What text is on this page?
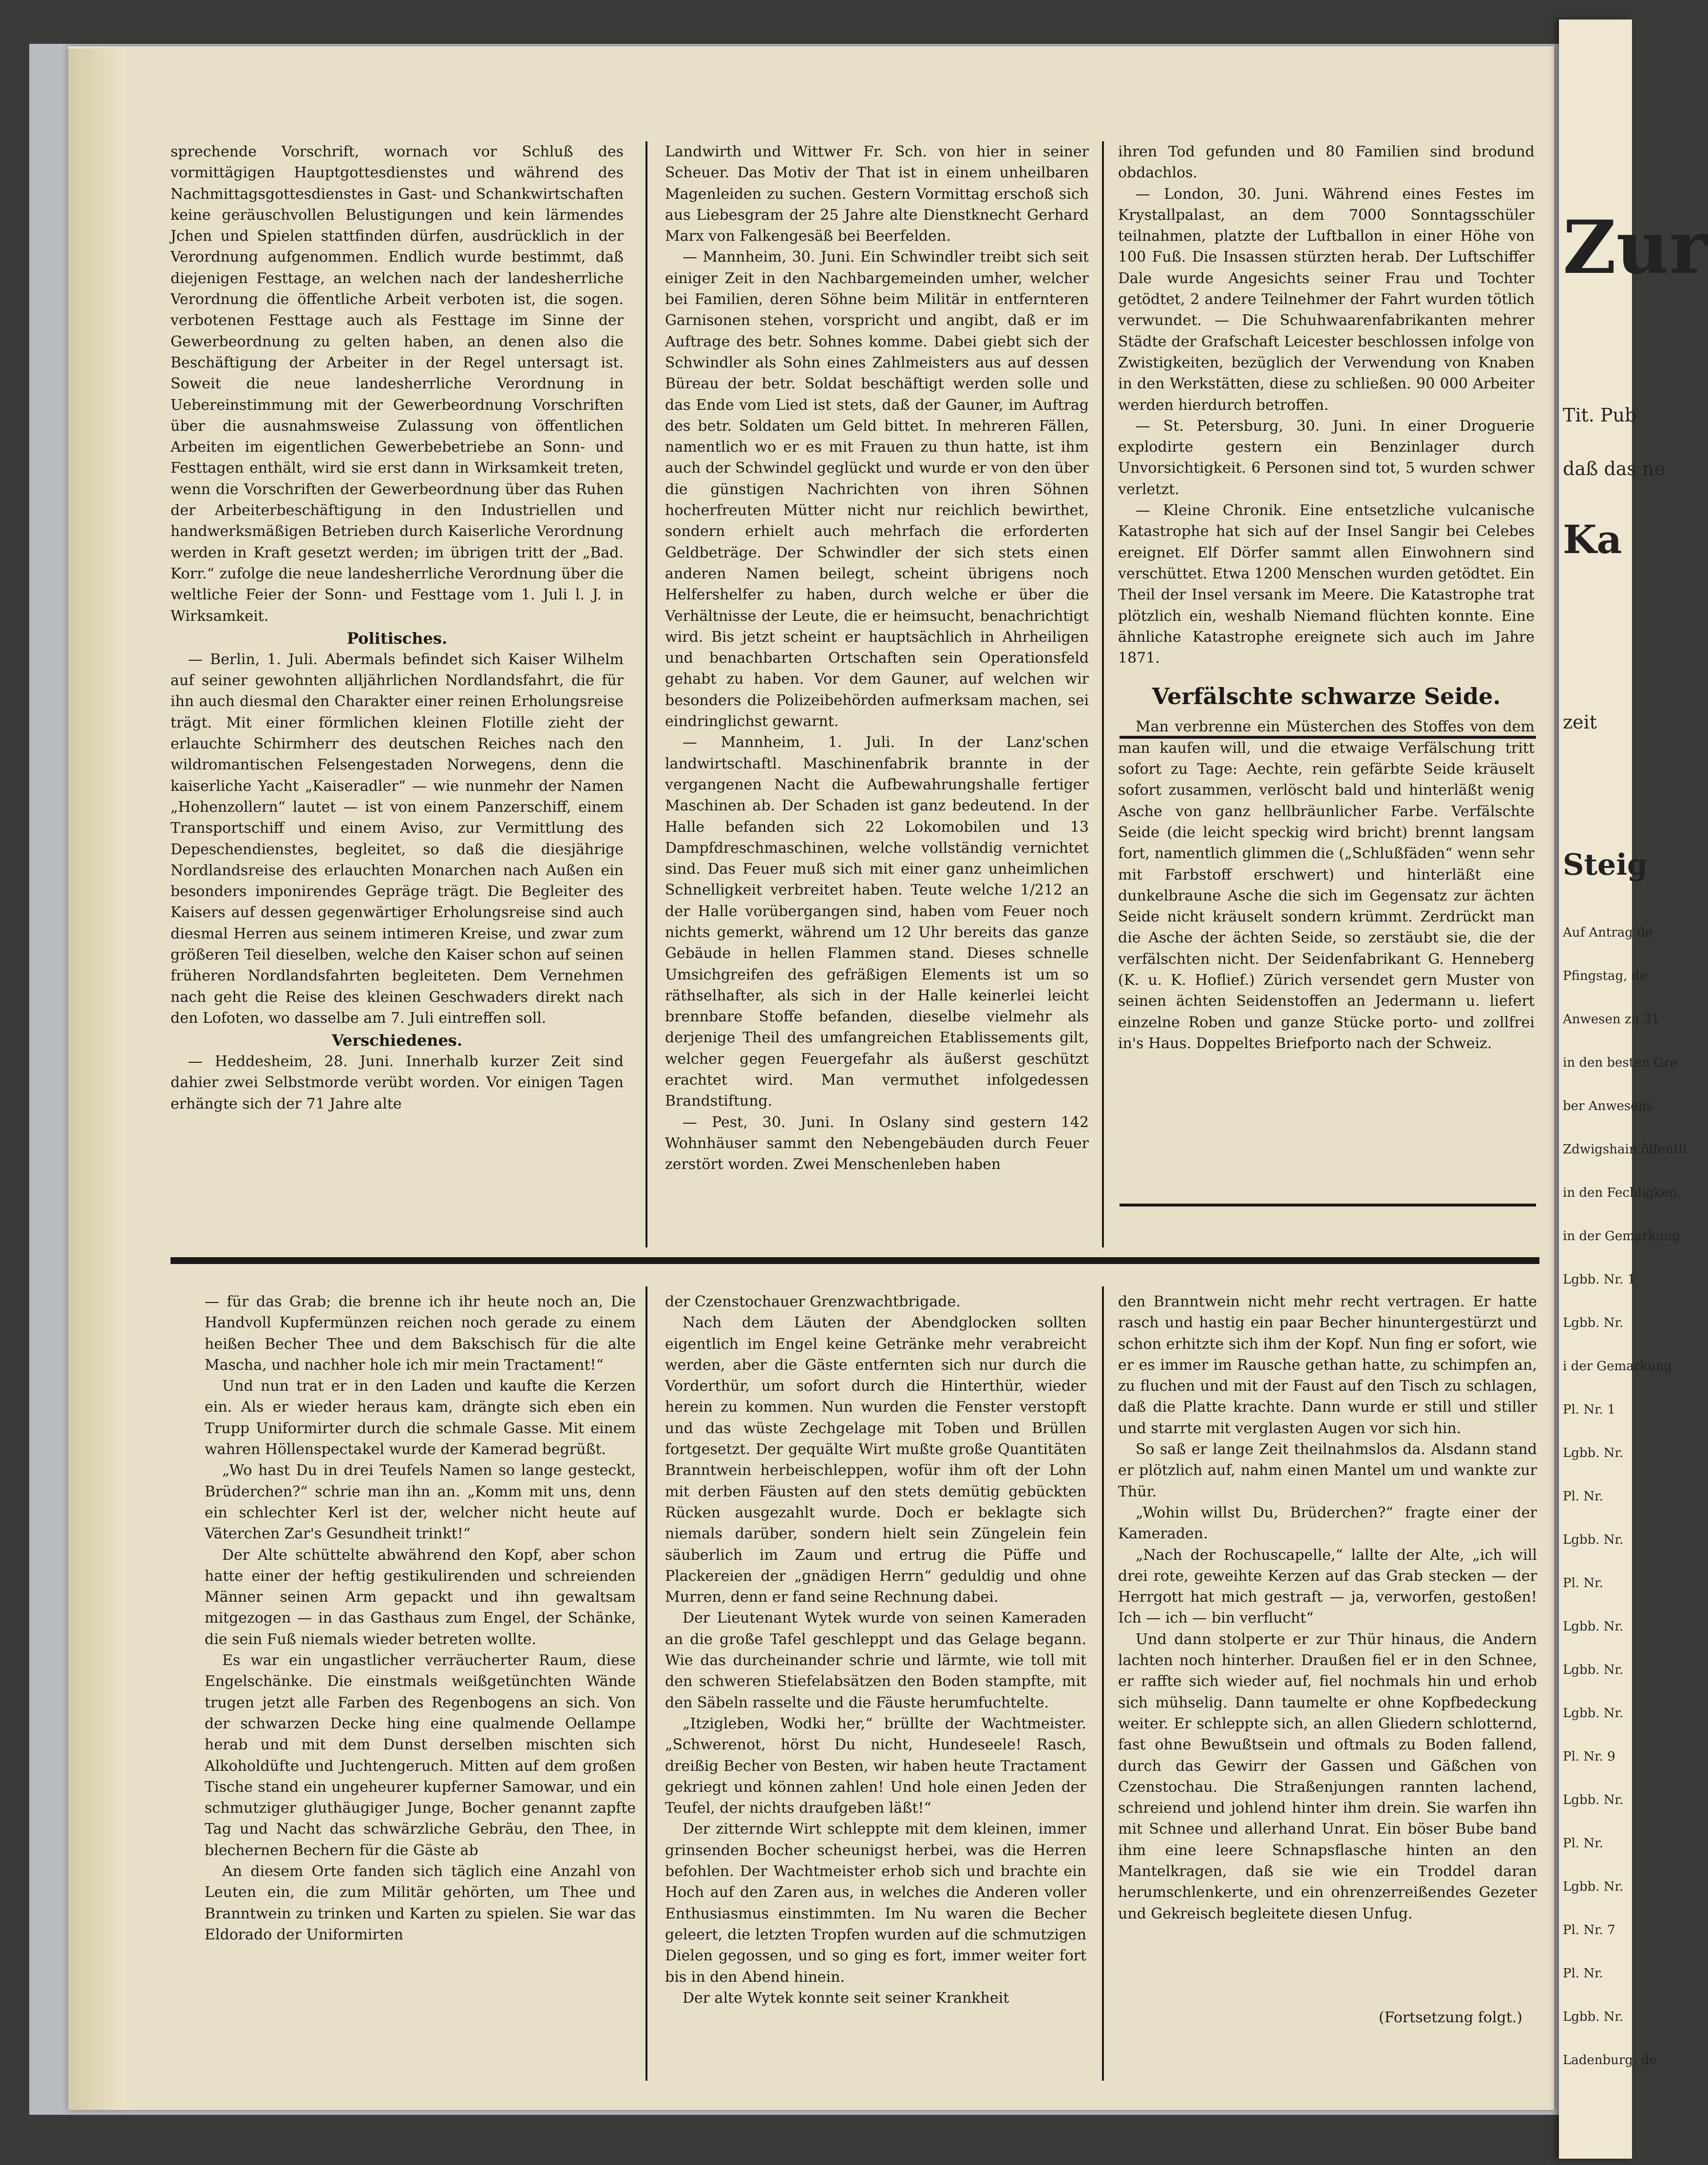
sprechende Vorschrift, wornach vor Schluß des vormittägigen Hauptgottesdienstes und während des Nachmittagsgottesdienstes in Gast- und Schankwirtschaften keine geräuschvollen Belustigungen und kein lärmendes Jchen und Spielen stattfinden dürfen, ausdrücklich in der Verordnung aufgenommen. Endlich wurde bestimmt, daß diejenigen Festtage, an welchen nach der landesherrliche Verordnung die öffentliche Arbeit verboten ist, die sogen. verbotenen Festtage auch als Festtage im Sinne der Gewerbeordnung zu gelten haben, an denen also die Beschäftigung der Arbeiter in der Regel untersagt ist. Soweit die neue landesherrliche Verordnung in Uebereinstimmung mit der Gewerbeordnung Vorschriften über die ausnahmsweise Zulassung von öffentlichen Arbeiten im eigentlichen Gewerbebetriebe an Sonn- und Festtagen enthält, wird sie erst dann in Wirksamkeit treten, wenn die Vorschriften der Gewerbeordnung über das Ruhen der Arbeiterbeschäftigung in den Industriellen und handwerksmäßigen Betrieben durch Kaiserliche Verordnung werden in Kraft gesetzt werden; im übrigen tritt der „Bad. Korr.“ zufolge die neue landesherrliche Verordnung über die weltliche Feier der Sonn- und Festtage vom 1. Juli l. J. in Wirksamkeit.

Politisches.

— Berlin, 1. Juli. Abermals befindet sich Kaiser Wilhelm auf seiner gewohnten alljährlichen Nordlandsfahrt, die für ihn auch diesmal den Charakter einer reinen Erholungsreise trägt. Mit einer förmlichen kleinen Flotille zieht der erlauchte Schirmherr des deutschen Reiches nach den wildromantischen Felsengestaden Norwegens, denn die kaiserliche Yacht „Kaiseradler“ — wie nunmehr der Namen „Hohenzollern“ lautet — ist von einem Panzerschiff, einem Transportschiff und einem Aviso, zur Vermittlung des Depeschendienstes, begleitet, so daß die diesjährige Nordlandsreise des erlauchten Monarchen nach Außen ein besonders imponirendes Gepräge trägt. Die Begleiter des Kaisers auf dessen gegenwärtiger Erholungsreise sind auch diesmal Herren aus seinem intimeren Kreise, und zwar zum größeren Teil dieselben, welche den Kaiser schon auf seinen früheren Nordlandsfahrten begleiteten. Dem Vernehmen nach geht die Reise des kleinen Geschwaders direkt nach den Lofoten, wo dasselbe am 7. Juli eintreffen soll.

Verschiedenes.

— Heddesheim, 28. Juni. Innerhalb kurzer Zeit sind dahier zwei Selbstmorde verübt worden. Vor einigen Tagen erhängte sich der 71 Jahre alte

Landwirth und Wittwer Fr. Sch. von hier in seiner Scheuer. Das Motiv der That ist in einem unheilbaren Magenleiden zu suchen. Gestern Vormittag erschoß sich aus Liebesgram der 25 Jahre alte Dienstknecht Gerhard Marx von Falkengesäß bei Beerfelden.

— Mannheim, 30. Juni. Ein Schwindler treibt sich seit einiger Zeit in den Nachbargemeinden umher, welcher bei Familien, deren Söhne beim Militär in entfernteren Garnisonen stehen, vorspricht und angibt, daß er im Auftrage des betr. Sohnes komme. Dabei giebt sich der Schwindler als Sohn eines Zahlmeisters aus auf dessen Büreau der betr. Soldat beschäftigt werden solle und das Ende vom Lied ist stets, daß der Gauner, im Auftrag des betr. Soldaten um Geld bittet. In mehreren Fällen, namentlich wo er es mit Frauen zu thun hatte, ist ihm auch der Schwindel geglückt und wurde er von den über die günstigen Nachrichten von ihren Söhnen hocherfreuten Mütter nicht nur reichlich bewirthet, sondern erhielt auch mehrfach die erforderten Geldbeträge. Der Schwindler der sich stets einen anderen Namen beilegt, scheint übrigens noch Helfershelfer zu haben, durch welche er über die Verhältnisse der Leute, die er heimsucht, benachrichtigt wird. Bis jetzt scheint er hauptsächlich in Ahrheiligen und benachbarten Ortschaften sein Operationsfeld gehabt zu haben. Vor dem Gauner, auf welchen wir besonders die Polizeibehörden aufmerksam machen, sei eindringlichst gewarnt.

— Mannheim, 1. Juli. In der Lanz'schen landwirtschaftl. Maschinenfabrik brannte in der vergangenen Nacht die Aufbewahrungshalle fertiger Maschinen ab. Der Schaden ist ganz bedeutend. In der Halle befanden sich 22 Lokomobilen und 13 Dampfdreschmaschinen, welche vollständig vernichtet sind. Das Feuer muß sich mit einer ganz unheimlichen Schnelligkeit verbreitet haben. Teute welche 1/212 an der Halle vorübergangen sind, haben vom Feuer noch nichts gemerkt, während um 12 Uhr bereits das ganze Gebäude in hellen Flammen stand. Dieses schnelle Umsichgreifen des gefräßigen Elements ist um so räthselhafter, als sich in der Halle keinerlei leicht brennbare Stoffe befanden, dieselbe vielmehr als derjenige Theil des umfangreichen Etablissements gilt, welcher gegen Feuergefahr als äußerst geschützt erachtet wird. Man vermuthet infolgedessen Brandstiftung.

— Pest, 30. Juni. In Oslany sind gestern 142 Wohnhäuser sammt den Nebengebäuden durch Feuer zerstört worden. Zwei Menschenleben haben

ihren Tod gefunden und 80 Familien sind brodund obdachlos.

— London, 30. Juni. Während eines Festes im Krystallpalast, an dem 7000 Sonntagsschüler teilnahmen, platzte der Luftballon in einer Höhe von 100 Fuß. Die Insassen stürzten herab. Der Luftschiffer Dale wurde Angesichts seiner Frau und Tochter getödtet, 2 andere Teilnehmer der Fahrt wurden tötlich verwundet. — Die Schuhwaarenfabrikanten mehrer Städte der Grafschaft Leicester beschlossen infolge von Zwistigkeiten, bezüglich der Verwendung von Knaben in den Werkstätten, diese zu schließen. 90 000 Arbeiter werden hierdurch betroffen.

— St. Petersburg, 30. Juni. In einer Droguerie explodirte gestern ein Benzinlager durch Unvorsichtigkeit. 6 Personen sind tot, 5 wurden schwer verletzt.

— Kleine Chronik. Eine entsetzliche vulcanische Katastrophe hat sich auf der Insel Sangir bei Celebes ereignet. Elf Dörfer sammt allen Einwohnern sind verschüttet. Etwa 1200 Menschen wurden getödtet. Ein Theil der Insel versank im Meere. Die Katastrophe trat plötzlich ein, weshalb Niemand flüchten konnte. Eine ähnliche Katastrophe ereignete sich auch im Jahre 1871.

Verfälschte schwarze Seide.

Man verbrenne ein Müsterchen des Stoffes von dem man kaufen will, und die etwaige Verfälschung tritt sofort zu Tage: Aechte, rein gefärbte Seide kräuselt sofort zusammen, verlöscht bald und hinterläßt wenig Asche von ganz hellbräunlicher Farbe. Verfälschte Seide (die leicht speckig wird bricht) brennt langsam fort, namentlich glimmen die („Schlußfäden“ wenn sehr mit Farbstoff erschwert) und hinterläßt eine dunkelbraune Asche die sich im Gegensatz zur ächten Seide nicht kräuselt sondern krümmt. Zerdrückt man die Asche der ächten Seide, so zerstäubt sie, die der verfälschten nicht. Der Seidenfabrikant G. Henneberg (K. u. K. Hoflief.) Zürich versendet gern Muster von seinen ächten Seidenstoffen an Jedermann u. liefert einzelne Roben und ganze Stücke porto- und zollfrei in's Haus. Doppeltes Briefporto nach der Schweiz.

— für das Grab; die brenne ich ihr heute noch an, Die Handvoll Kupfermünzen reichen noch gerade zu einem heißen Becher Thee und dem Bakschisch für die alte Mascha, und nachher hole ich mir mein Tractament!“

Und nun trat er in den Laden und kaufte die Kerzen ein. Als er wieder heraus kam, drängte sich eben ein Trupp Uniformirter durch die schmale Gasse. Mit einem wahren Höllenspectakel wurde der Kamerad begrüßt.

„Wo hast Du in drei Teufels Namen so lange gesteckt, Brüderchen?“ schrie man ihn an. „Komm mit uns, denn ein schlechter Kerl ist der, welcher nicht heute auf Väterchen Zar's Gesundheit trinkt!“

Der Alte schüttelte abwährend den Kopf, aber schon hatte einer der heftig gestikulirenden und schreienden Männer seinen Arm gepackt und ihn gewaltsam mitgezogen — in das Gasthaus zum Engel, der Schänke, die sein Fuß niemals wieder betreten wollte.

Es war ein ungastlicher verräucherter Raum, diese Engelschänke. Die einstmals weißgetünchten Wände trugen jetzt alle Farben des Regenbogens an sich. Von der schwarzen Decke hing eine qualmende Oellampe herab und mit dem Dunst derselben mischten sich Alkoholdüfte und Juchtengeruch. Mitten auf dem großen Tische stand ein ungeheurer kupferner Samowar, und ein schmutziger gluthäugiger Junge, Bocher genannt zapfte Tag und Nacht das schwärzliche Gebräu, den Thee, in blechernen Bechern für die Gäste ab

An diesem Orte fanden sich täglich eine Anzahl von Leuten ein, die zum Militär gehörten, um Thee und Branntwein zu trinken und Karten zu spielen. Sie war das Eldorado der Uniformirten

der Czenstochauer Grenzwachtbrigade.

Nach dem Läuten der Abendglocken sollten eigentlich im Engel keine Getränke mehr verabreicht werden, aber die Gäste entfernten sich nur durch die Vorderthür, um sofort durch die Hinterthür, wieder herein zu kommen. Nun wurden die Fenster verstopft und das wüste Zechgelage mit Toben und Brüllen fortgesetzt. Der gequälte Wirt mußte große Quantitäten Branntwein herbeischleppen, wofür ihm oft der Lohn mit derben Fäusten auf den stets demütig gebückten Rücken ausgezahlt wurde. Doch er beklagte sich niemals darüber, sondern hielt sein Züngelein fein säuberlich im Zaum und ertrug die Püffe und Plackereien der „gnädigen Herrn“ geduldig und ohne Murren, denn er fand seine Rechnung dabei.

Der Lieutenant Wytek wurde von seinen Kameraden an die große Tafel geschleppt und das Gelage begann. Wie das durcheinander schrie und lärmte, wie toll mit den schweren Stiefelabsätzen den Boden stampfte, mit den Säbeln rasselte und die Fäuste herumfuchtelte.

„Itzigleben, Wodki her,“ brüllte der Wachtmeister. „Schwerenot, hörst Du nicht, Hundeseele! Rasch, dreißig Becher von Besten, wir haben heute Tractament gekriegt und können zahlen! Und hole einen Jeden der Teufel, der nichts draufgeben läßt!“

Der zitternde Wirt schleppte mit dem kleinen, immer grinsenden Bocher scheunigst herbei, was die Herren befohlen. Der Wachtmeister erhob sich und brachte ein Hoch auf den Zaren aus, in welches die Anderen voller Enthusiasmus einstimmten. Im Nu waren die Becher geleert, die letzten Tropfen wurden auf die schmutzigen Dielen gegossen, und so ging es fort, immer weiter fort bis in den Abend hinein.

Der alte Wytek konnte seit seiner Krankheit

den Branntwein nicht mehr recht vertragen. Er hatte rasch und hastig ein paar Becher hinuntergestürzt und schon erhitzte sich ihm der Kopf. Nun fing er sofort, wie er es immer im Rausche gethan hatte, zu schimpfen an, zu fluchen und mit der Faust auf den Tisch zu schlagen, daß die Platte krachte. Dann wurde er still und stiller und starrte mit verglasten Augen vor sich hin.

So saß er lange Zeit theilnahmslos da. Alsdann stand er plötzlich auf, nahm einen Mantel um und wankte zur Thür.

„Wohin willst Du, Brüderchen?“ fragte einer der Kameraden.

„Nach der Rochuscapelle,“ lallte der Alte, „ich will drei rote, geweihte Kerzen auf das Grab stecken — der Herrgott hat mich gestraft — ja, verworfen, gestoßen! Ich — ich — bin verflucht“

Und dann stolperte er zur Thür hinaus, die Andern lachten noch hinterher. Draußen fiel er in den Schnee, er raffte sich wieder auf, fiel nochmals hin und erhob sich mühselig. Dann taumelte er ohne Kopfbedeckung weiter. Er schleppte sich, an allen Gliedern schlotternd, fast ohne Bewußtsein und oftmals zu Boden fallend, durch das Gewirr der Gassen und Gäßchen von Czenstochau. Die Straßenjungen rannten lachend, schreiend und johlend hinter ihm drein. Sie warfen ihn mit Schnee und allerhand Unrat. Ein böser Bube band ihm eine leere Schnapsflasche hinten an den Mantelkragen, daß sie wie ein Troddel daran herumschlenkerte, und ein ohrenzerreißendes Gezeter und Gekreisch begleitete diesen Unfug.

(Fortsetzung folgt.)
Zur
Tit. Pub
daß das ne
Ka
zeit
Steig
Auf Antrag de
Pfingstag, de
Anwesen zu 31
in den besten Gre
ber Anwesens
Zdwigshain öffentli
in den Fechligken,
in der Gemarkung
Lgbb. Nr. 1
Lgbb. Nr.
i der Gemarkung
Pl. Nr. 1
Lgbb. Nr.
Pl. Nr.
Lgbb. Nr.
Pl. Nr.
Lgbb. Nr.
Lgbb. Nr.
Lgbb. Nr.
Pl. Nr. 9
Lgbb. Nr.
Pl. Nr.
Lgbb. Nr.
Pl. Nr. 7
Pl. Nr.
Lgbb. Nr.
Ladenburg, de
